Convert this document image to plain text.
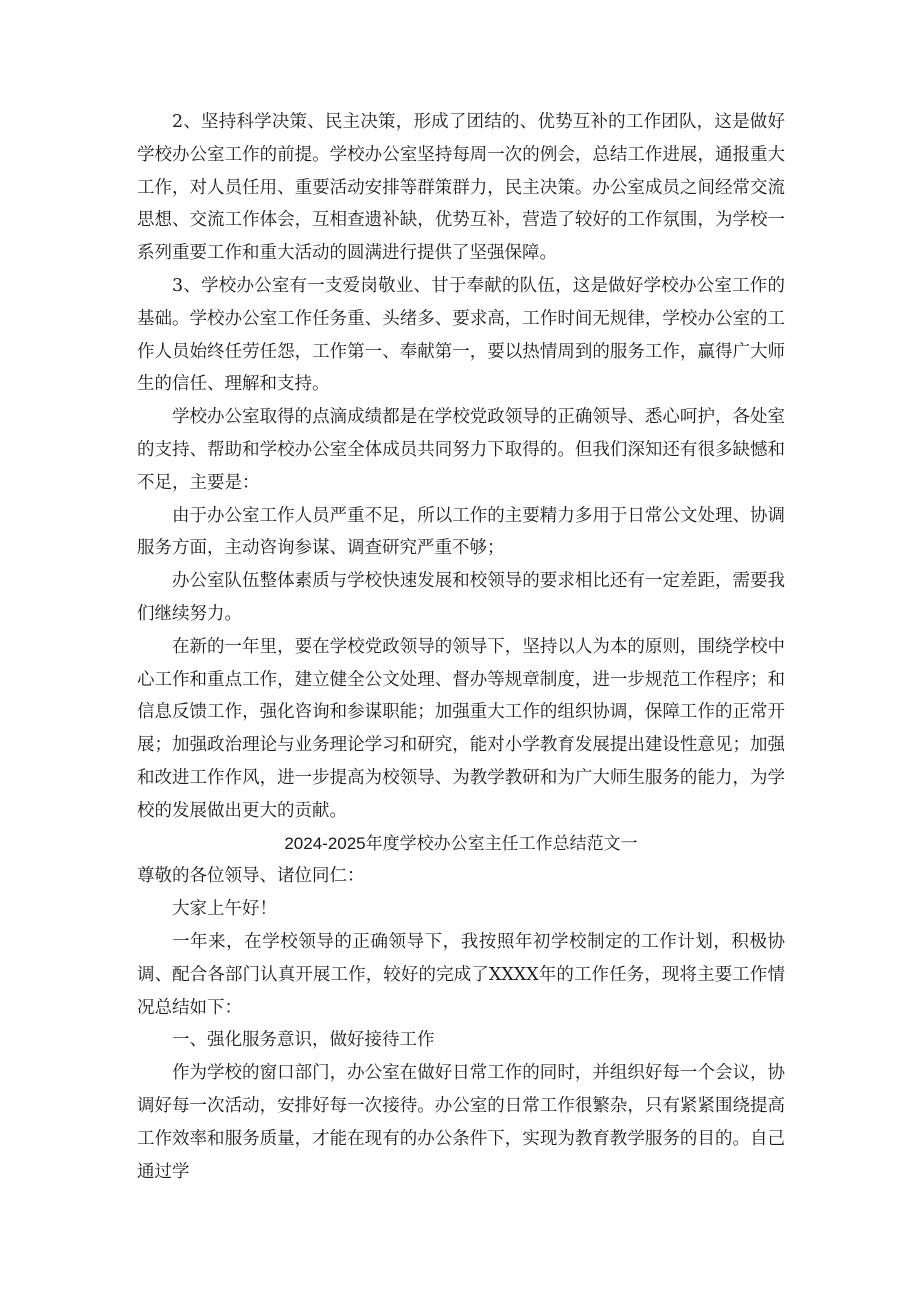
2、坚持科学决策、民主决策，形成了团结的、优势互补的工作团队，这是做好学校办公室工作的前提。学校办公室坚持每周一次的例会，总结工作进展，通报重大工作，对人员任用、重要活动安排等群策群力，民主决策。办公室成员之间经常交流思想、交流工作体会，互相查遗补缺，优势互补，营造了较好的工作氛围，为学校一系列重要工作和重大活动的圆满进行提供了坚强保障。

3、学校办公室有一支爱岗敬业、甘于奉献的队伍，这是做好学校办公室工作的基础。学校办公室工作任务重、头绪多、要求高，工作时间无规律，学校办公室的工作人员始终任劳任怨，工作第一、奉献第一，要以热情周到的服务工作，赢得广大师生的信任、理解和支持。

学校办公室取得的点滴成绩都是在学校党政领导的正确领导、悉心呵护，各处室的支持、帮助和学校办公室全体成员共同努力下取得的。但我们深知还有很多缺憾和不足，主要是：

由于办公室工作人员严重不足，所以工作的主要精力多用于日常公文处理、协调服务方面，主动咨询参谋、调查研究严重不够；

办公室队伍整体素质与学校快速发展和校领导的要求相比还有一定差距，需要我们继续努力。

在新的一年里，要在学校党政领导的领导下，坚持以人为本的原则，围绕学校中心工作和重点工作，建立健全公文处理、督办等规章制度，进一步规范工作程序；和信息反馈工作，强化咨询和参谋职能；加强重大工作的组织协调，保障工作的正常开展；加强政治理论与业务理论学习和研究，能对小学教育发展提出建设性意见；加强和改进工作作风，进一步提高为校领导、为教学教研和为广大师生服务的能力，为学校的发展做出更大的贡献。

2024-2025年度学校办公室主任工作总结范文一

尊敬的各位领导、诸位同仁：

大家上午好！

一年来，在学校领导的正确领导下，我按照年初学校制定的工作计划，积极协调、配合各部门认真开展工作，较好的完成了XXXX年的工作任务，现将主要工作情况总结如下：

一、强化服务意识，做好接待工作

作为学校的窗口部门，办公室在做好日常工作的同时，并组织好每一个会议，协调好每一次活动，安排好每一次接待。办公室的日常工作很繁杂，只有紧紧围绕提高工作效率和服务质量，才能在现有的办公条件下，实现为教育教学服务的目的。自己通过学
